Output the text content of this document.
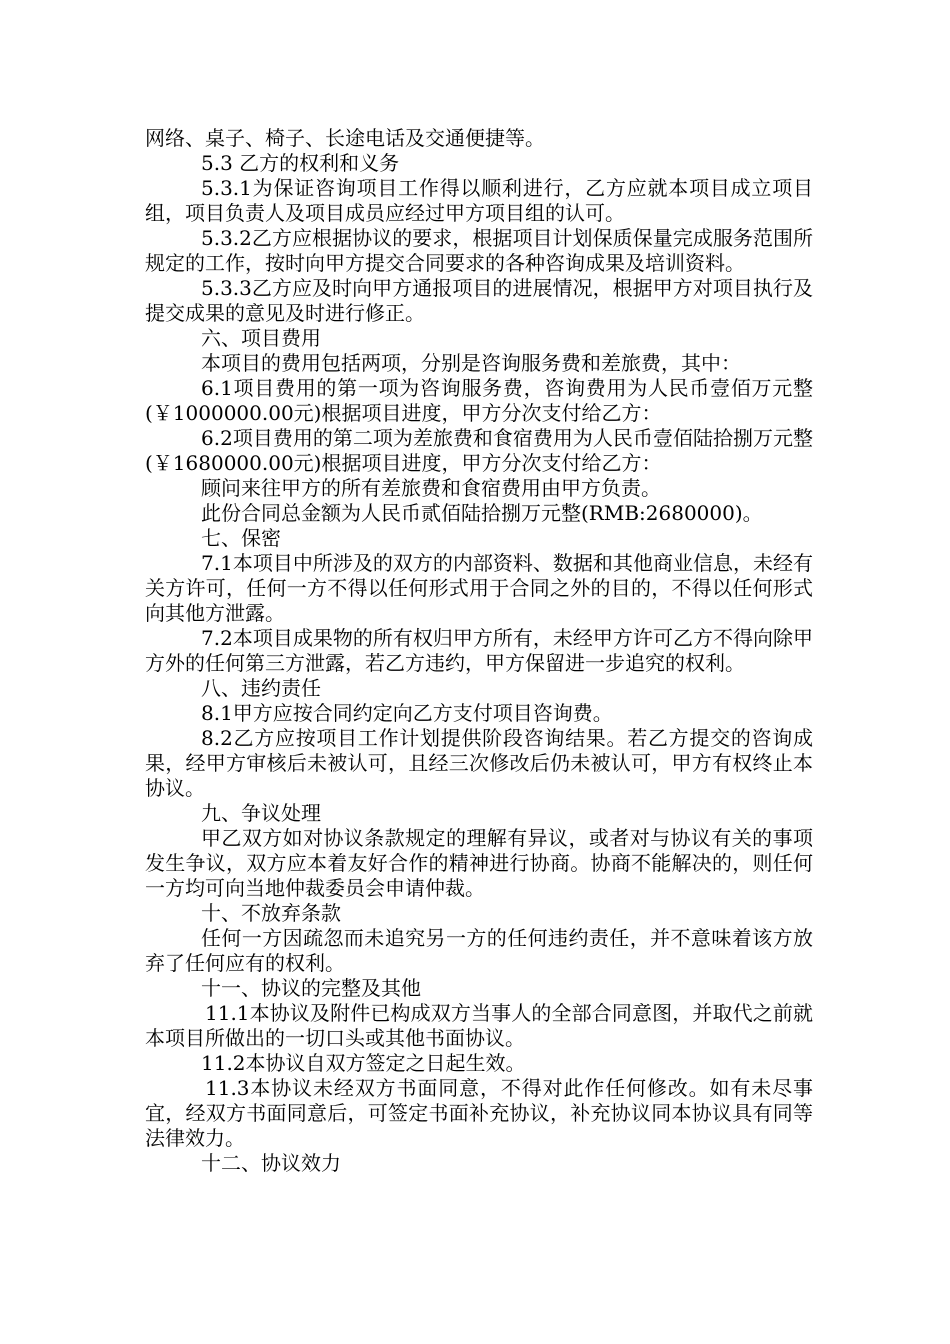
网络、桌子、椅子、长途电话及交通便捷等。

5.3 乙方的权利和义务

5.3.1为保证咨询项目工作得以顺利进行，乙方应就本项目成立项目组，项目负责人及项目成员应经过甲方项目组的认可。

5.3.2乙方应根据协议的要求，根据项目计划保质保量完成服务范围所规定的工作，按时向甲方提交合同要求的各种咨询成果及培训资料。

5.3.3乙方应及时向甲方通报项目的进展情况，根据甲方对项目执行及提交成果的意见及时进行修正。

六、项目费用

本项目的费用包括两项，分别是咨询服务费和差旅费，其中：

6.1项目费用的第一项为咨询服务费，咨询费用为人民币壹佰万元整(￥1000000.00元)根据项目进度，甲方分次支付给乙方：

6.2项目费用的第二项为差旅费和食宿费用为人民币壹佰陆拾捌万元整(￥1680000.00元)根据项目进度，甲方分次支付给乙方：

顾问来往甲方的所有差旅费和食宿费用由甲方负责。

此份合同总金额为人民币贰佰陆拾捌万元整(RMB:2680000)。

七、保密

7.1本项目中所涉及的双方的内部资料、数据和其他商业信息，未经有关方许可，任何一方不得以任何形式用于合同之外的目的，不得以任何形式向其他方泄露。

7.2本项目成果物的所有权归甲方所有，未经甲方许可乙方不得向除甲方外的任何第三方泄露，若乙方违约，甲方保留进一步追究的权利。

八、违约责任

8.1甲方应按合同约定向乙方支付项目咨询费。

8.2乙方应按项目工作计划提供阶段咨询结果。若乙方提交的咨询成果，经甲方审核后未被认可，且经三次修改后仍未被认可，甲方有权终止本协议。

九、争议处理

甲乙双方如对协议条款规定的理解有异议，或者对与协议有关的事项发生争议，双方应本着友好合作的精神进行协商。协商不能解决的，则任何一方均可向当地仲裁委员会申请仲裁。

十、不放弃条款

任何一方因疏忽而未追究另一方的任何违约责任，并不意味着该方放弃了任何应有的权利。

十一、协议的完整及其他

11.1本协议及附件已构成双方当事人的全部合同意图，并取代之前就本项目所做出的一切口头或其他书面协议。

11.2本协议自双方签定之日起生效。

11.3本协议未经双方书面同意，不得对此作任何修改。如有未尽事宜，经双方书面同意后，可签定书面补充协议，补充协议同本协议具有同等法律效力。

十二、协议效力
